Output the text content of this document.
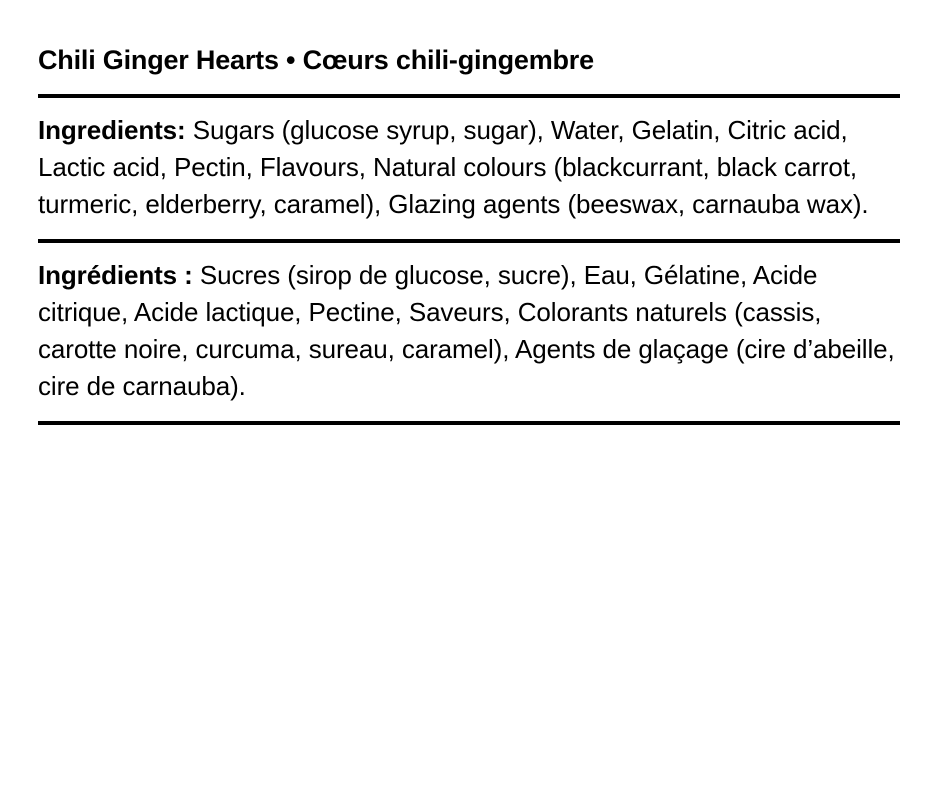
Chili Ginger Hearts • Cœurs chili-gingembre

Ingredients: Sugars (glucose syrup, sugar), Water, Gelatin, Citric acid, Lactic acid, Pectin, Flavours, Natural colours (blackcurrant, black carrot, turmeric, elderberry, caramel), Glazing agents (beeswax, carnauba wax).

Ingrédients : Sucres (sirop de glucose, sucre), Eau, Gélatine, Acide citrique, Acide lactique, Pectine, Saveurs, Colorants naturels (cassis, carotte noire, curcuma, sureau, caramel), Agents de glaçage (cire d’abeille, cire de carnauba).
